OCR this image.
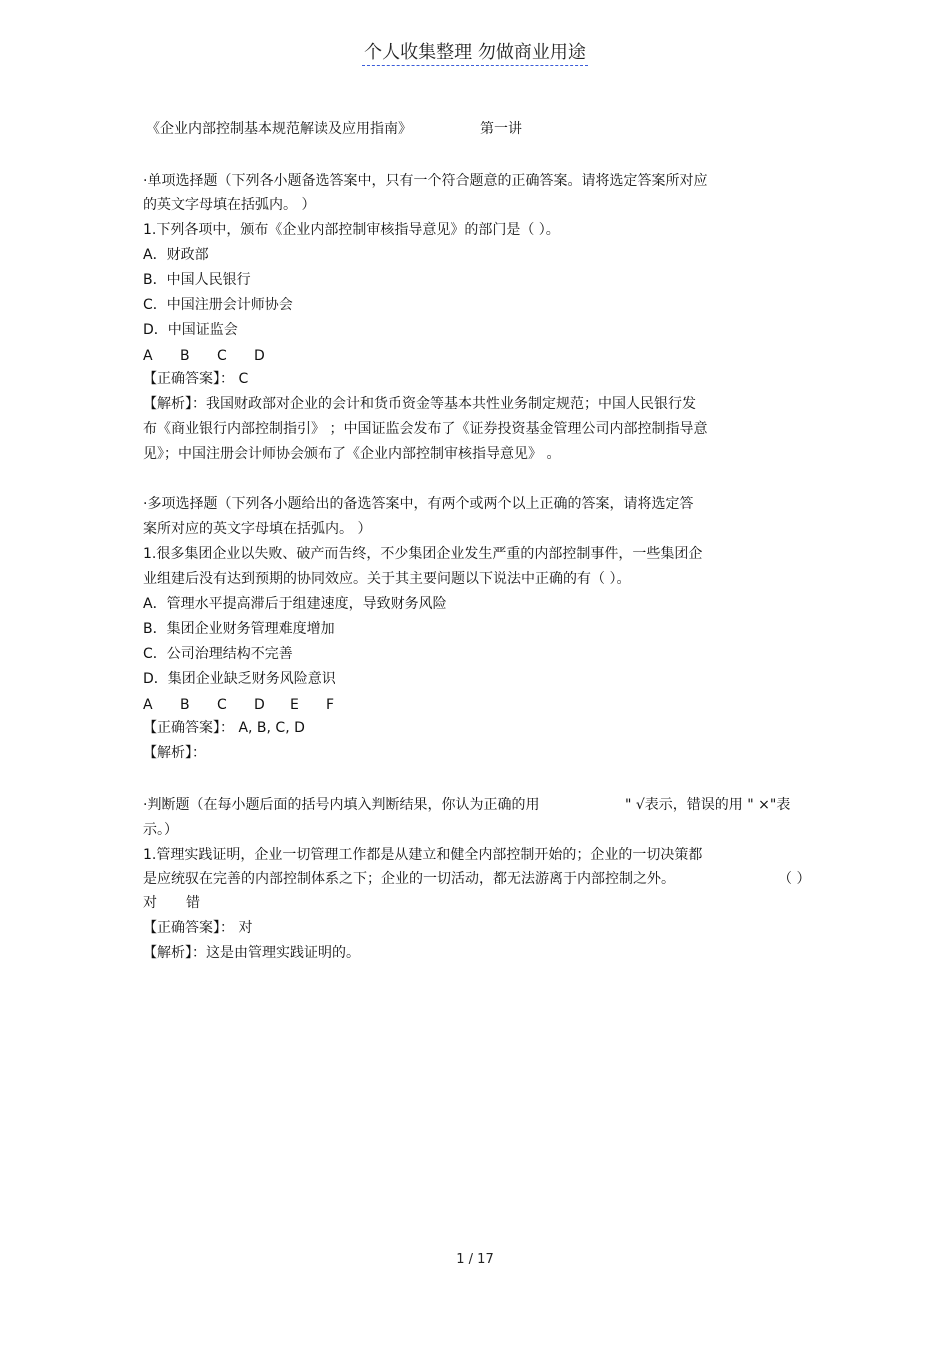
个人收集整理 勿做商业用途
《企业内部控制基本规范解读及应用指南》	第一讲
·单项选择题（下列各小题备选答案中，只有一个符合题意的正确答案。请将选定答案所对应
的英文字母填在括弧内。 ）
1.下列各项中，颁布《企业内部控制审核指导意见》的部门是（ ）。
A．财政部
B．中国人民银行
C．中国注册会计师协会
D．中国证监会
A B C D
【正确答案】： C
【解析】：我国财政部对企业的会计和货币资金等基本共性业务制定规范；中国人民银行发
布《商业银行内部控制指引》 ；中国证监会发布了《证券投资基金管理公司内部控制指导意
见》；中国注册会计师协会颁布了《企业内部控制审核指导意见》 。
·多项选择题（下列各小题给出的备选答案中，有两个或两个以上正确的答案，请将选定答
案所对应的英文字母填在括弧内。 ）
1.很多集团企业以失败、破产而告终，不少集团企业发生严重的内部控制事件，一些集团企
业组建后没有达到预期的协同效应。关于其主要问题以下说法中正确的有（ ）。
A．管理水平提高滞后于组建速度，导致财务风险
B．集团企业财务管理难度增加
C．公司治理结构不完善
D．集团企业缺乏财务风险意识
A B C D E F
【正确答案】： A, B, C, D
【解析】：
·判断题（在每小题后面的括号内填入判断结果，你认为正确的用	" √表示，错误的用 " ×"表
示。）
1.管理实践证明，企业一切管理工作都是从建立和健全内部控制开始的；企业的一切决策都
是应统驭在完善的内部控制体系之下；企业的一切活动，都无法游离于内部控制之外。	（ ）
对 错
【正确答案】： 对
【解析】：这是由管理实践证明的。
1 / 17
